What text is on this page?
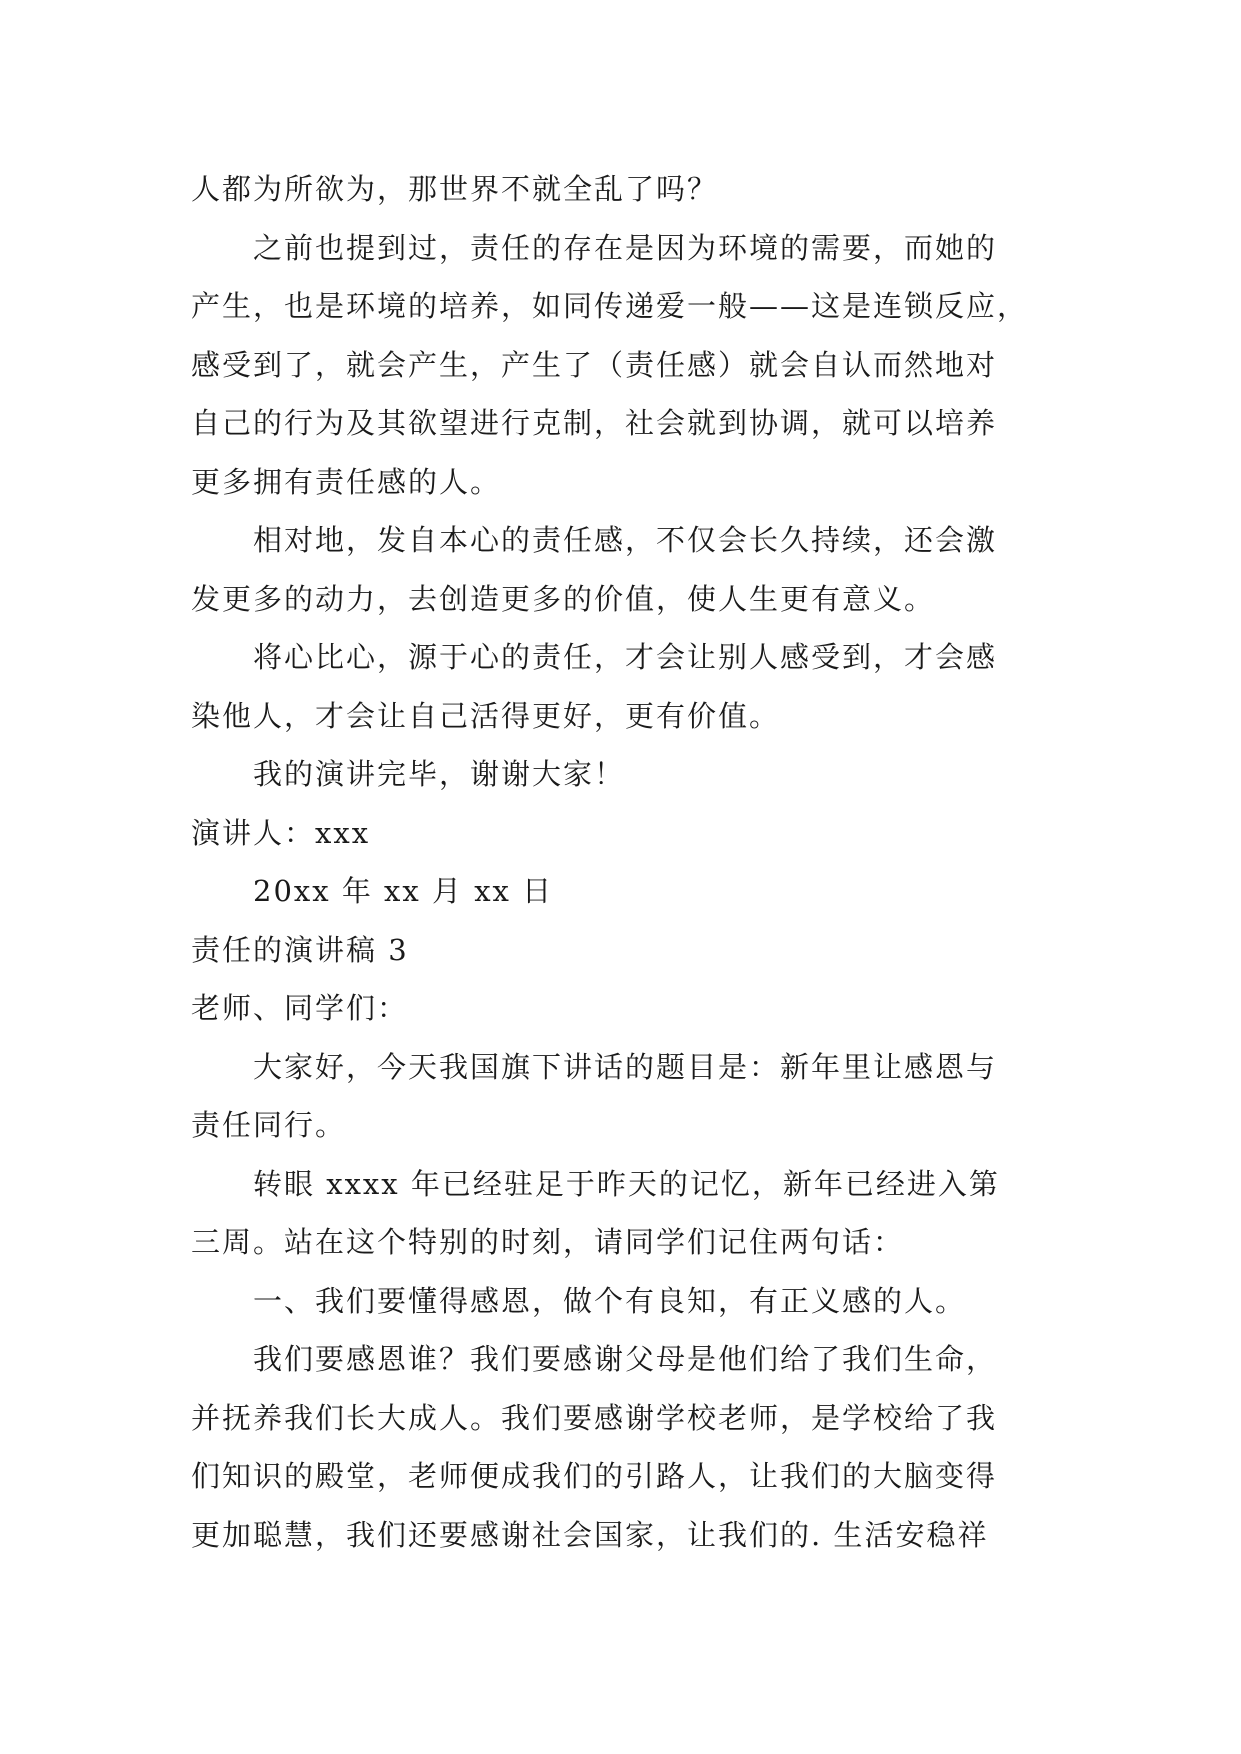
人都为所欲为，那世界不就全乱了吗？
之前也提到过，责任的存在是因为环境的需要，而她的
产生，也是环境的培养，如同传递爱一般——这是连锁反应，
感受到了，就会产生，产生了（责任感）就会自认而然地对
自己的行为及其欲望进行克制，社会就到协调，就可以培养
更多拥有责任感的人。
相对地，发自本心的责任感，不仅会长久持续，还会激
发更多的动力，去创造更多的价值，使人生更有意义。
将心比心，源于心的责任，才会让别人感受到，才会感
染他人，才会让自己活得更好，更有价值。
我的演讲完毕，谢谢大家！
演讲人：xxx
20xx 年 xx 月 xx 日
责任的演讲稿 3
老师、同学们：
大家好，今天我国旗下讲话的题目是：新年里让感恩与
责任同行。
转眼 xxxx 年已经驻足于昨天的记忆，新年已经进入第
三周。站在这个特别的时刻，请同学们记住两句话：
一、我们要懂得感恩，做个有良知，有正义感的人。
我们要感恩谁？我们要感谢父母是他们给了我们生命，
并抚养我们长大成人。我们要感谢学校老师，是学校给了我
们知识的殿堂，老师便成我们的引路人，让我们的大脑变得
更加聪慧，我们还要感谢社会国家，让我们的. 生活安稳祥
